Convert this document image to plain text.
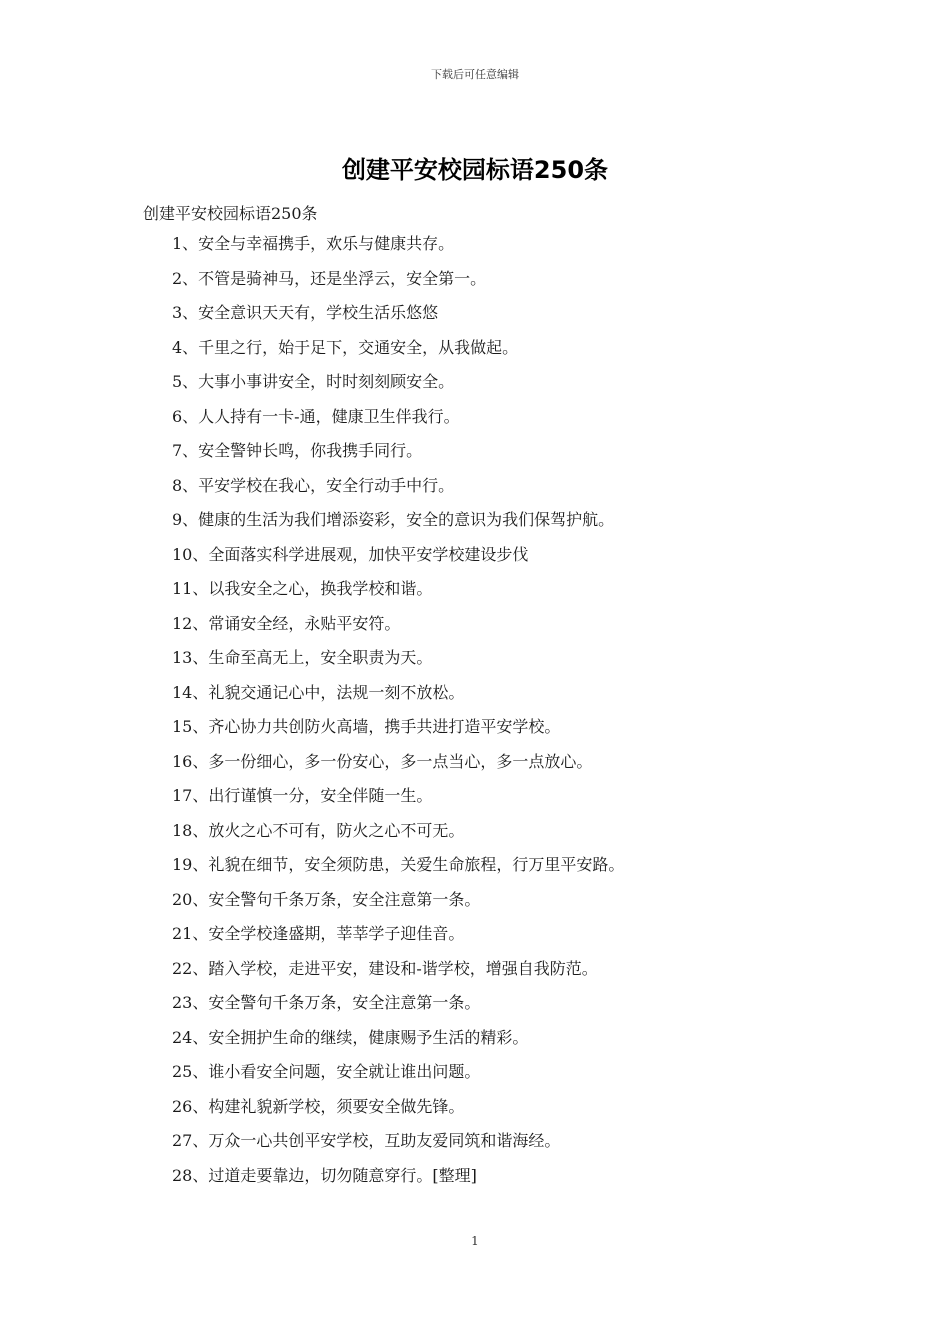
下载后可任意编辑
创建平安校园标语250条
创建平安校园标语250条
1、安全与幸福携手，欢乐与健康共存。
2、不管是骑神马，还是坐浮云，安全第一。
3、安全意识天天有，学校生活乐悠悠
4、千里之行，始于足下，交通安全，从我做起。
5、大事小事讲安全，时时刻刻顾安全。
6、人人持有一卡-通，健康卫生伴我行。
7、安全警钟长鸣，你我携手同行。
8、平安学校在我心，安全行动手中行。
9、健康的生活为我们增添姿彩，安全的意识为我们保驾护航。
10、全面落实科学进展观，加快平安学校建设步伐
11、以我安全之心，换我学校和谐。
12、常诵安全经，永贴平安符。
13、生命至高无上，安全职责为天。
14、礼貌交通记心中，法规一刻不放松。
15、齐心协力共创防火高墙，携手共进打造平安学校。
16、多一份细心，多一份安心，多一点当心，多一点放心。
17、出行谨慎一分，安全伴随一生。
18、放火之心不可有，防火之心不可无。
19、礼貌在细节，安全须防患，关爱生命旅程，行万里平安路。
20、安全警句千条万条，安全注意第一条。
21、安全学校逢盛期，莘莘学子迎佳音。
22、踏入学校，走进平安，建设和-谐学校，增强自我防范。
23、安全警句千条万条，安全注意第一条。
24、安全拥护生命的继续，健康赐予生活的精彩。
25、谁小看安全问题，安全就让谁出问题。
26、构建礼貌新学校，须要安全做先锋。
27、万众一心共创平安学校，互助友爱同筑和谐海经。
28、过道走要靠边，切勿随意穿行。[整理]
1
